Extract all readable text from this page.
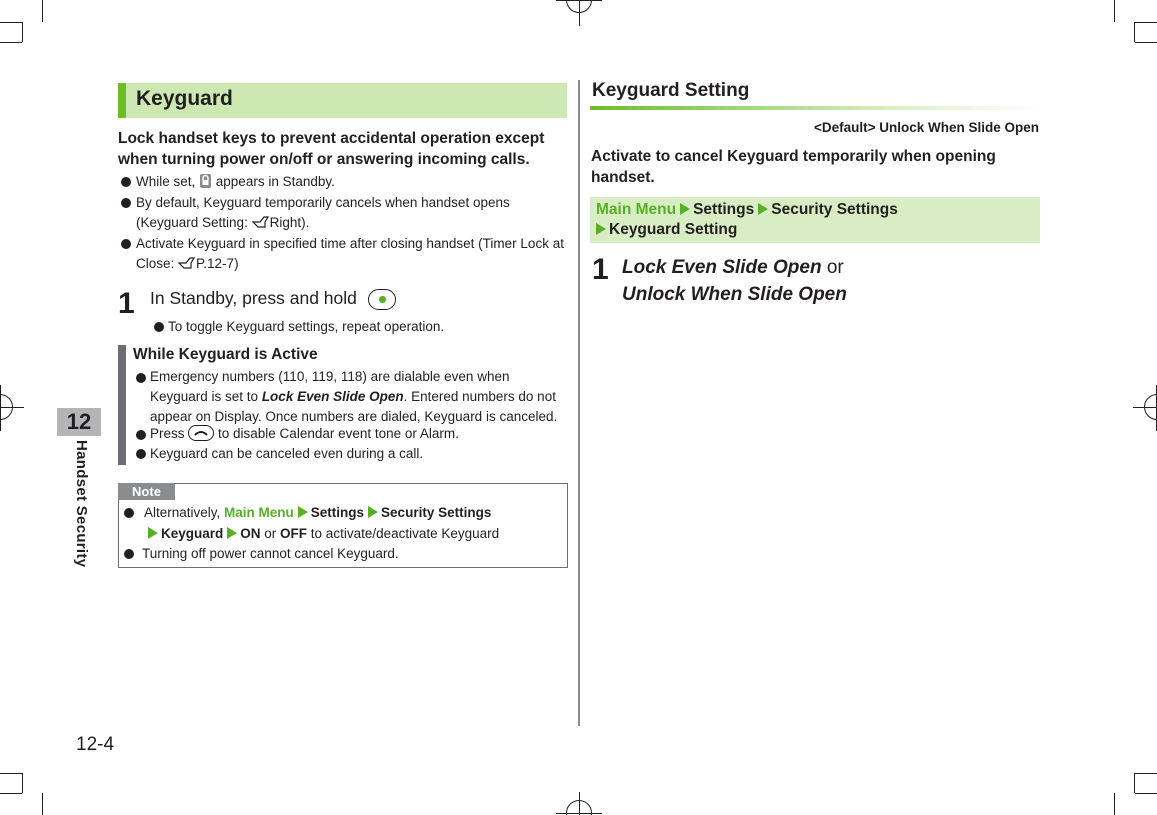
12
Handset Security
12-4
Keyguard
Lock handset keys to prevent accidental operation except when turning power on/off or answering incoming calls.
While set,  appears in Standby.
By default, Keyguard temporarily cancels when handset opens (Keyguard Setting: Right).
Activate Keyguard in specified time after closing handset (Timer Lock at Close: P.12-7)
1 In Standby, press and hold
To toggle Keyguard settings, repeat operation.
While Keyguard is Active
Emergency numbers (110, 119, 118) are dialable even when Keyguard is set to Lock Even Slide Open. Entered numbers do not appear on Display. Once numbers are dialed, Keyguard is canceled.
Press
to disable Calendar event tone or Alarm.
Keyguard can be canceled even during a call.
Note
Alternatively, Main Menu Settings Security Settings
Keyguard ON or OFF to activate/deactivate Keyguard
Turning off power cannot cancel Keyguard.
Keyguard Setting
<Default> Unlock When Slide Open
Activate to cancel Keyguard temporarily when opening handset.
Main Menu Settings Security Settings
Keyguard Setting
1 Lock Even Slide Open or
Unlock When Slide Open
